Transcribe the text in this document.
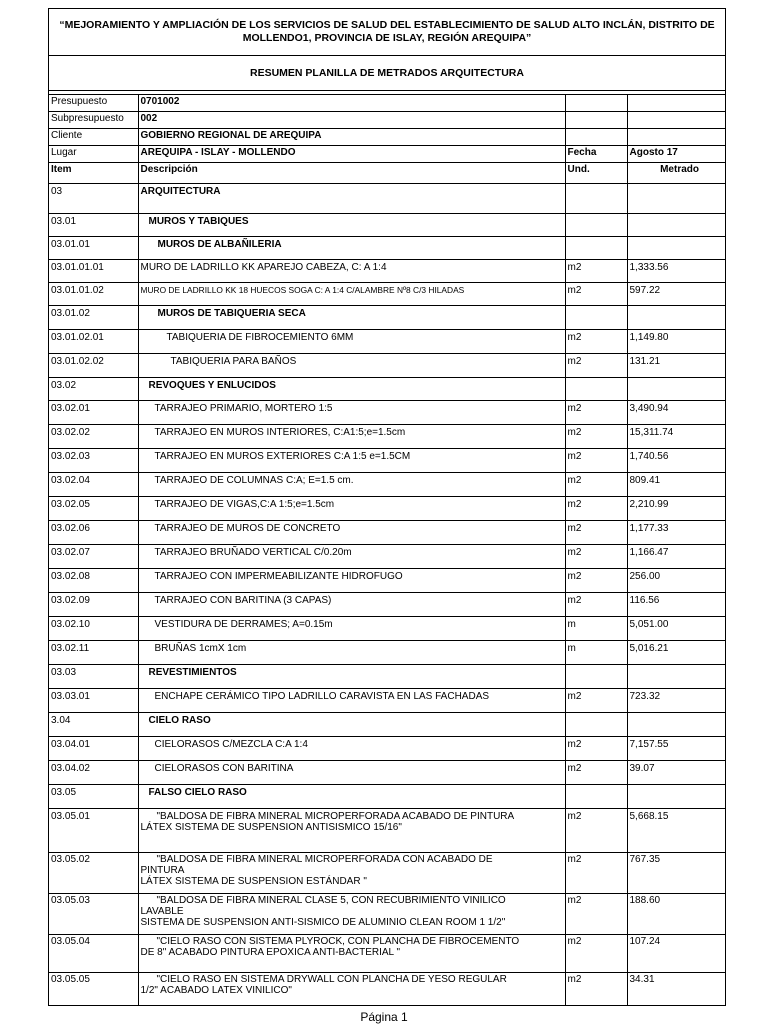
“MEJORAMIENTO Y AMPLIACIÓN DE LOS SERVICIOS DE SALUD DEL ESTABLECIMIENTO DE SALUD ALTO INCLÁN, DISTRITO DE MOLLENDO1, PROVINCIA DE ISLAY, REGIÓN AREQUIPA”
RESUMEN PLANILLA DE METRADOS ARQUITECTURA
Presupuesto	0701002		
Subpresupuesto	002		
Cliente	GOBIERNO REGIONAL DE AREQUIPA		
Lugar	AREQUIPA - ISLAY - MOLLENDO	Fecha	Agosto 17
Item	Descripción	Und.	Metrado
03	ARQUITECTURA		
03.01	MUROS Y TABIQUES		
03.01.01	MUROS DE ALBAÑILERIA		
03.01.01.01	MURO DE LADRILLO KK APAREJO CABEZA, C: A 1:4	m2	1,333.56
03.01.01.02	MURO DE LADRILLO KK 18 HUECOS SOGA C: A 1:4 C/ALAMBRE Nº8 C/3 HILADAS	m2	597.22
03.01.02	MUROS DE TABIQUERIA SECA		
03.01.02.01	TABIQUERIA DE FIBROCEMIENTO 6MM	m2	1,149.80
03.01.02.02	TABIQUERIA PARA BAÑOS	m2	131.21
03.02	REVOQUES Y ENLUCIDOS		
03.02.01	TARRAJEO PRIMARIO, MORTERO 1:5	m2	3,490.94
03.02.02	TARRAJEO EN MUROS INTERIORES, C:A1:5;e=1.5cm	m2	15,311.74
03.02.03	TARRAJEO EN MUROS EXTERIORES C:A 1:5 e=1.5CM	m2	1,740.56
03.02.04	TARRAJEO DE COLUMNAS C:A; E=1.5 cm.	m2	809.41
03.02.05	TARRAJEO DE VIGAS,C:A 1:5;e=1.5cm	m2	2,210.99
03.02.06	TARRAJEO DE MUROS DE CONCRETO	m2	1,177.33
03.02.07	TARRAJEO BRUÑADO VERTICAL C/0.20m	m2	1,166.47
03.02.08	TARRAJEO CON IMPERMEABILIZANTE HIDROFUGO	m2	256.00
03.02.09	TARRAJEO CON BARITINA (3 CAPAS)	m2	116.56
03.02.10	VESTIDURA DE DERRAMES; A=0.15m	m	5,051.00
03.02.11	BRUÑAS 1cmX 1cm	m	5,016.21
03.03	REVESTIMIENTOS		
03.03.01	ENCHAPE CERÁMICO TIPO LADRILLO CARAVISTA EN LAS FACHADAS	m2	723.32
3.04	CIELO RASO		
03.04.01	CIELORASOS C/MEZCLA C:A 1:4	m2	7,157.55
03.04.02	CIELORASOS CON BARITINA	m2	39.07
03.05	FALSO CIELO RASO		
03.05.01	"BALDOSA DE FIBRA MINERAL MICROPERFORADA ACABADO DE PINTURA
LÁTEX SISTEMA DE SUSPENSION ANTISISMICO 15/16"	m2	5,668.15
03.05.02	"BALDOSA DE FIBRA MINERAL MICROPERFORADA CON ACABADO DE
PINTURA
LÁTEX SISTEMA DE SUSPENSION ESTÁNDAR "	m2	767.35
03.05.03	"BALDOSA DE FIBRA MINERAL CLASE 5, CON RECUBRIMIENTO VINILICO
LAVABLE
SISTEMA DE SUSPENSION ANTI-SISMICO DE ALUMINIO CLEAN ROOM 1 1/2"	m2	188.60
03.05.04	"CIELO RASO CON SISTEMA PLYROCK, CON PLANCHA DE FIBROCEMENTO
DE 8" ACABADO PINTURA EPOXICA ANTI-BACTERIAL "	m2	107.24
03.05.05	"CIELO RASO EN SISTEMA DRYWALL CON PLANCHA DE YESO REGULAR
1/2" ACABADO LATEX VINILICO"	m2	34.31
Página 1
